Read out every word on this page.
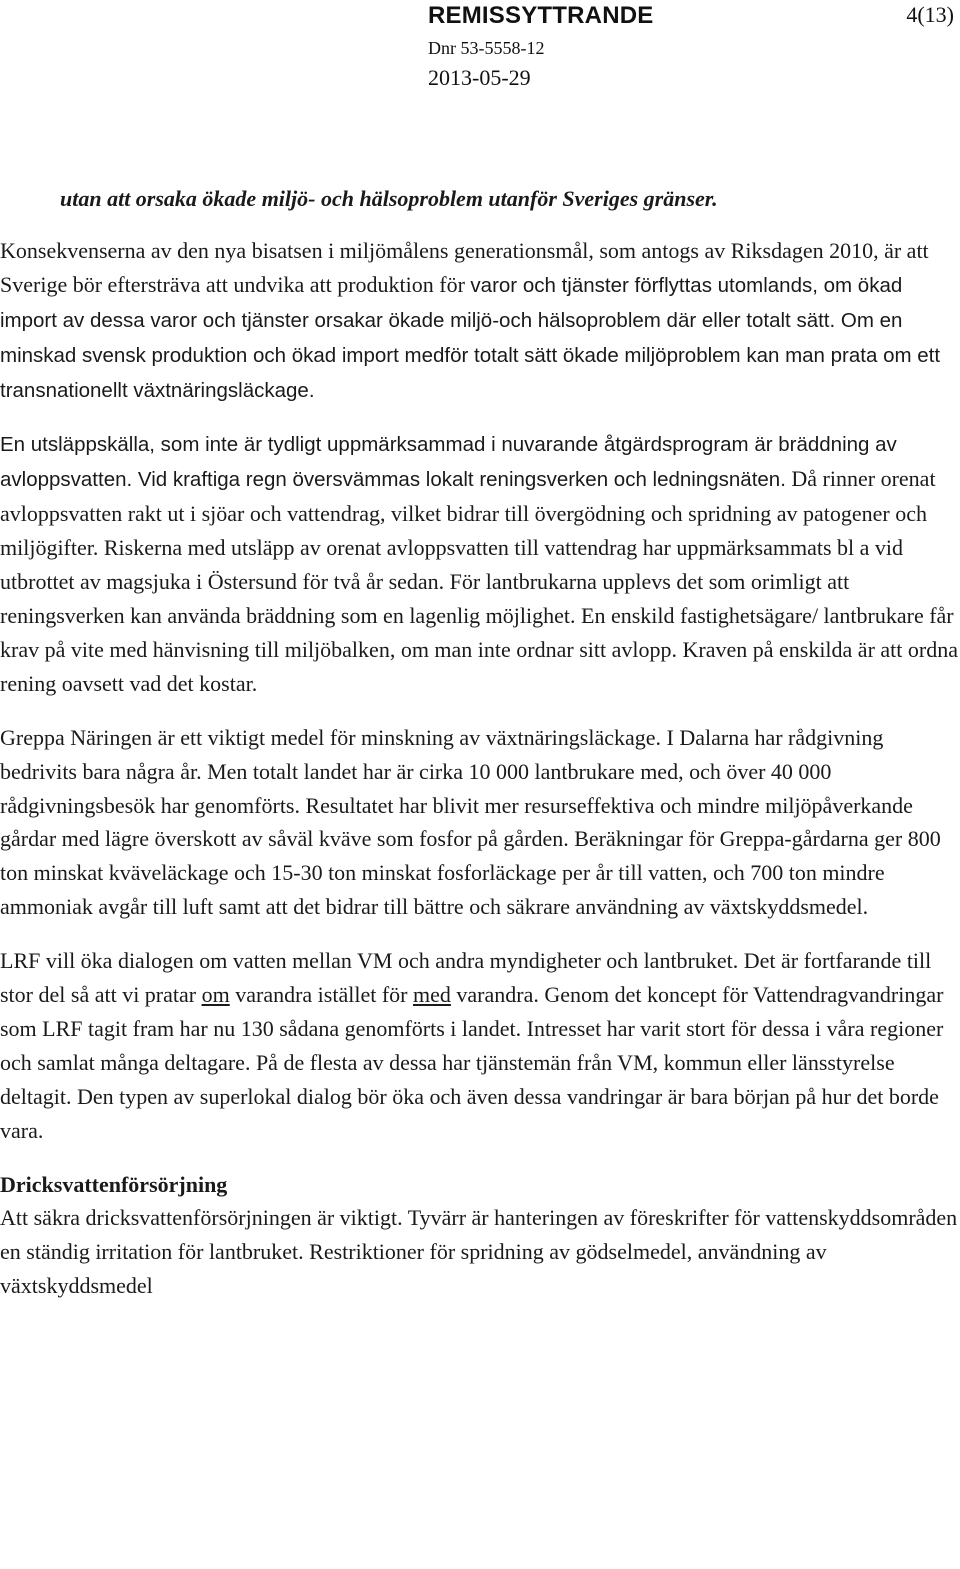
REMISSYTTRANDE	4(13)
Dnr 53-5558-12
2013-05-29

utan att orsaka ökade miljö- och hälsoproblem utanför Sveriges gränser.

Konsekvenserna av den nya bisatsen i miljömålens generationsmål, som antogs av Riksdagen 2010, är att Sverige bör eftersträva att undvika att produktion för varor och tjänster förflyttas utomlands, om ökad import av dessa varor och tjänster orsakar ökade miljö-och hälsoproblem där eller totalt sätt. Om en minskad svensk produktion och ökad import medför totalt sätt ökade miljöproblem kan man prata om ett transnationellt växtnäringsläckage.

En utsläppskälla, som inte är tydligt uppmärksammad i nuvarande åtgärdsprogram är bräddning av avloppsvatten. Vid kraftiga regn översvämmas lokalt reningsverken och ledningsnäten. Då rinner orenat avloppsvatten rakt ut i sjöar och vattendrag, vilket bidrar till övergödning och spridning av patogener och miljögifter. Riskerna med utsläpp av orenat avloppsvatten till vattendrag har uppmärksammats bl a vid utbrottet av magsjuka i Östersund för två år sedan. För lantbrukarna upplevs det som orimligt att reningsverken kan använda bräddning som en lagenlig möjlighet. En enskild fastighetsägare/ lantbrukare får krav på vite med hänvisning till miljöbalken, om man inte ordnar sitt avlopp. Kraven på enskilda är att ordna rening oavsett vad det kostar.

Greppa Näringen är ett viktigt medel för minskning av växtnäringsläckage. I Dalarna har rådgivning bedrivits bara några år. Men totalt landet har är cirka 10 000 lantbrukare med, och över 40 000 rådgivningsbesök har genomförts. Resultatet har blivit mer resurseffektiva och mindre miljöpåverkande gårdar med lägre överskott av såväl kväve som fosfor på gården. Beräkningar för Greppa-gårdarna ger 800 ton minskat kväveläckage och 15-30 ton minskat fosforläckage per år till vatten, och 700 ton mindre ammoniak avgår till luft samt att det bidrar till bättre och säkrare användning av växtskyddsmedel.

LRF vill öka dialogen om vatten mellan VM och andra myndigheter och lantbruket. Det är fortfarande till stor del så att vi pratar om varandra istället för med varandra. Genom det koncept för Vattendragvandringar som LRF tagit fram har nu 130 sådana genomförts i landet. Intresset har varit stort för dessa i våra regioner och samlat många deltagare. På de flesta av dessa har tjänstemän från VM, kommun eller länsstyrelse deltagit. Den typen av superlokal dialog bör öka och även dessa vandringar är bara början på hur det borde vara.

Dricksvattenförsörjning

Att säkra dricksvattenförsörjningen är viktigt. Tyvärr är hanteringen av föreskrifter för vattenskyddsområden en ständig irritation för lantbruket. Restriktioner för spridning av gödselmedel, användning av växtskyddsmedel
